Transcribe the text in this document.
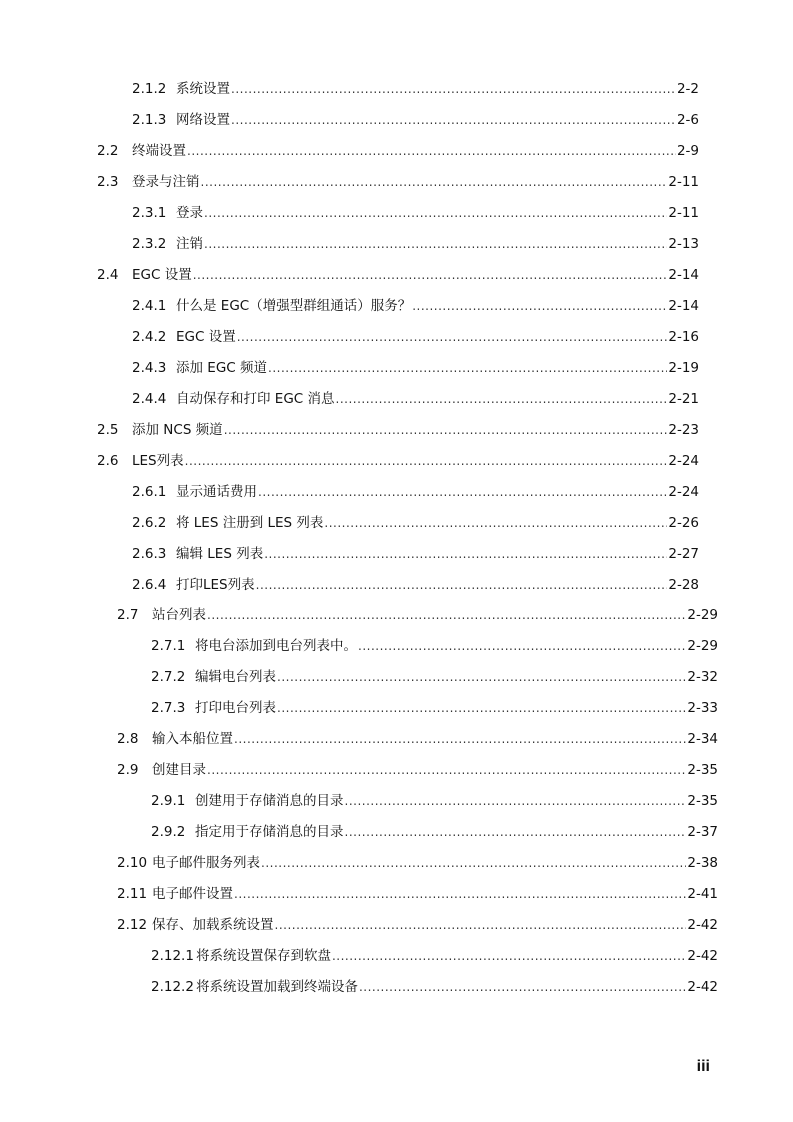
2.1.2 系统设置 .....	2-2
2.1.3 网络设置 .....	2-6
2.2	终端设置 .....	2-9
2.3	登录与注销 .....	2-11
2.3.1 登录 .....	2-11
2.3.2 注销 .....	2-13
2.4	EGC 设置 .....	2-14
2.4.1 什么是 EGC（增强型群组通话）服务？ .....	2-14
2.4.2 EGC 设置 .....	2-16
2.4.3 添加 EGC 频道 .....	2-19
2.4.4 自动保存和打印 EGC 消息 .....	2-21
2.5	添加 NCS 频道 .....	2-23
2.6	LES列表 .....	2-24
2.6.1 显示通话费用 .....	2-24
2.6.2 将 LES 注册到 LES 列表 .....	2-26
2.6.3 编辑 LES 列表 .....	2-27
2.6.4 打印LES列表 .....	2-28
2.7	站台列表 .....	2-29
2.7.1 将电台添加到电台列表中。 .....	2-29
2.7.2 编辑电台列表 .....	2-32
2.7.3 打印电台列表 .....	2-33
2.8	输入本船位置 .....	2-34
2.9	创建目录 .....	2-35
2.9.1 创建用于存储消息的目录 .....	2-35
2.9.2 指定用于存储消息的目录 .....	2-37
2.10 电子邮件服务列表 .....	2-38
2.11 电子邮件设置 .....	2-41
2.12 保存、加载系统设置 .....	2-42
2.12.1 将系统设置保存到软盘 .....	2-42
2.12.2 将系统设置加载到终端设备 .....	2-42
iii
